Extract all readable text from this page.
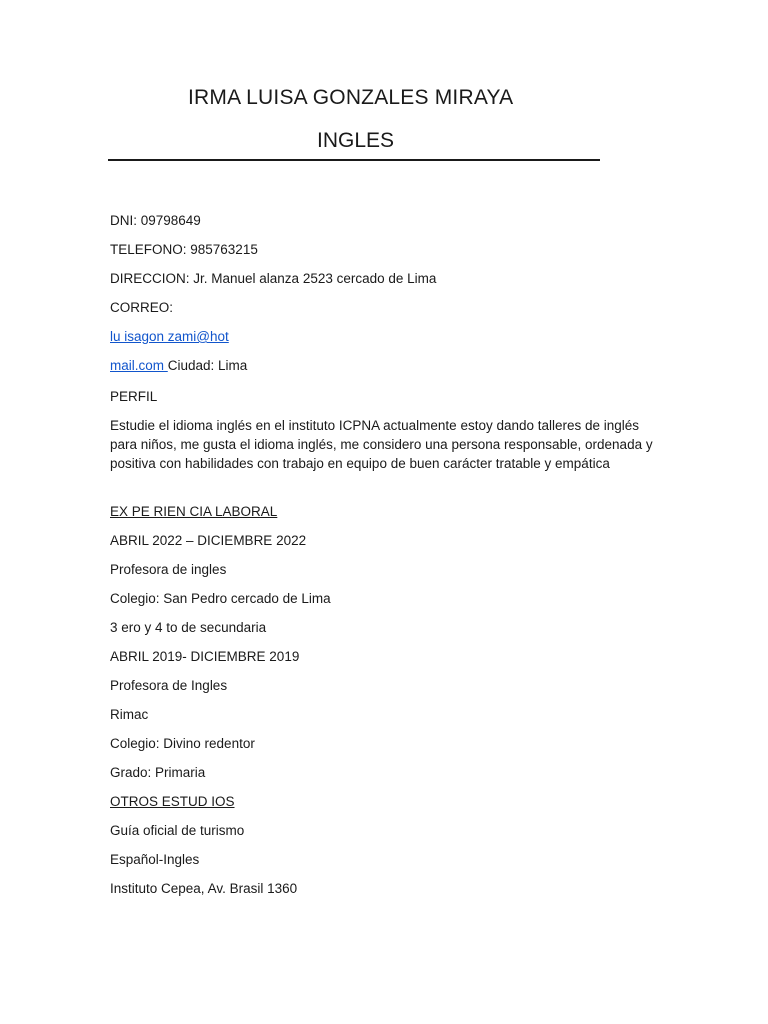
IRMA LUISA GONZALES MIRAYA
INGLES
DNI: 09798649
TELEFONO: 985763215
DIRECCION: Jr. Manuel alanza 2523 cercado de Lima
CORREO:
lu isagon zami@hot
mail.com Ciudad: Lima
PERFIL
Estudie el idioma inglés en el instituto ICPNA actualmente estoy dando talleres de inglés para niños, me gusta el idioma inglés, me considero una persona responsable, ordenada y positiva con habilidades con trabajo en equipo de buen carácter tratable y empática
EX PE RIEN CIA LABORAL
ABRIL 2022 – DICIEMBRE 2022
Profesora de ingles
Colegio: San Pedro cercado de Lima
3 ero y 4 to de secundaria
ABRIL 2019- DICIEMBRE 2019
Profesora de Ingles
Rimac
Colegio: Divino redentor
Grado: Primaria
OTROS ESTUD IOS
Guía oficial de turismo
Español-Ingles
Instituto Cepea, Av. Brasil 1360
